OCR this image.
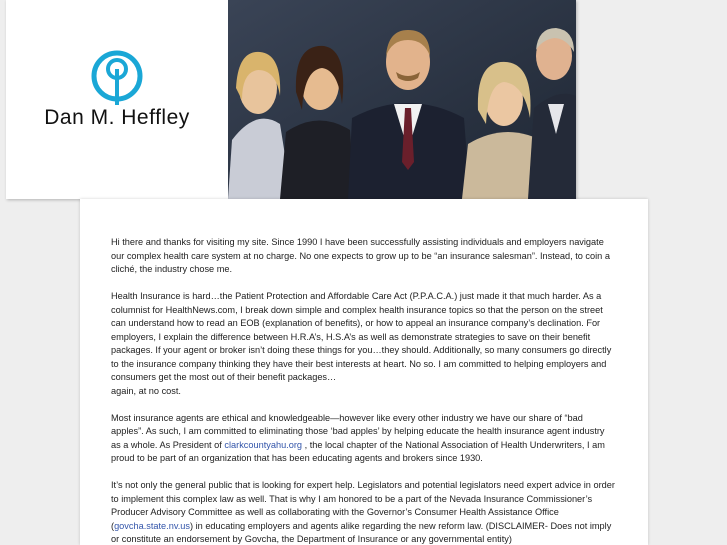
Dan M. Heffley

Hi there and thanks for visiting my site. Since 1990 I have been successfully assisting individuals and employers navigate our complex health care system at no charge. No one expects to grow up to be “an insurance salesman”. Instead, to coin a cliché, the industry chose me.

Health Insurance is hard…the Patient Protection and Affordable Care Act (P.P.A.C.A.) just made it that much harder. As a columnist for HealthNews.com, I break down simple and complex health insurance topics so that the person on the street can understand how to read an EOB (explanation of benefits), or how to appeal an insurance company’s declination. For employers, I explain the difference between H.R.A’s, H.S.A’s as well as demonstrate strategies to save on their benefit packages. If your agent or broker isn’t doing these things for you…they should. Additionally, so many consumers go directly to the insurance company thinking they have their best interests at heart. No so. I am committed to helping employers and consumers get the most out of their benefit packages…
again, at no cost.

Most insurance agents are ethical and knowledgeable—however like every other industry we have our share of “bad apples”. As such, I am committed to eliminating those ‘bad apples’ by helping educate the health insurance agent industry as a whole. As President of clarkcountyahu.org , the local chapter of the National Association of Health Underwriters, I am proud to be part of an organization that has been educating agents and brokers since 1930.

It’s not only the general public that is looking for expert help. Legislators and potential legislators need expert advice in order to implement this complex law as well. That is why I am honored to be a part of the Nevada Insurance Commissioner’s Producer Advisory Committee as well as collaborating with the Governor’s Consumer Health Assistance Office (govcha.state.nv.us) in educating employers and agents alike regarding the new reform law. (DISCLAIMER- Does not imply or constitute an endorsement by Govcha, the Department of Insurance or any governmental entity)
